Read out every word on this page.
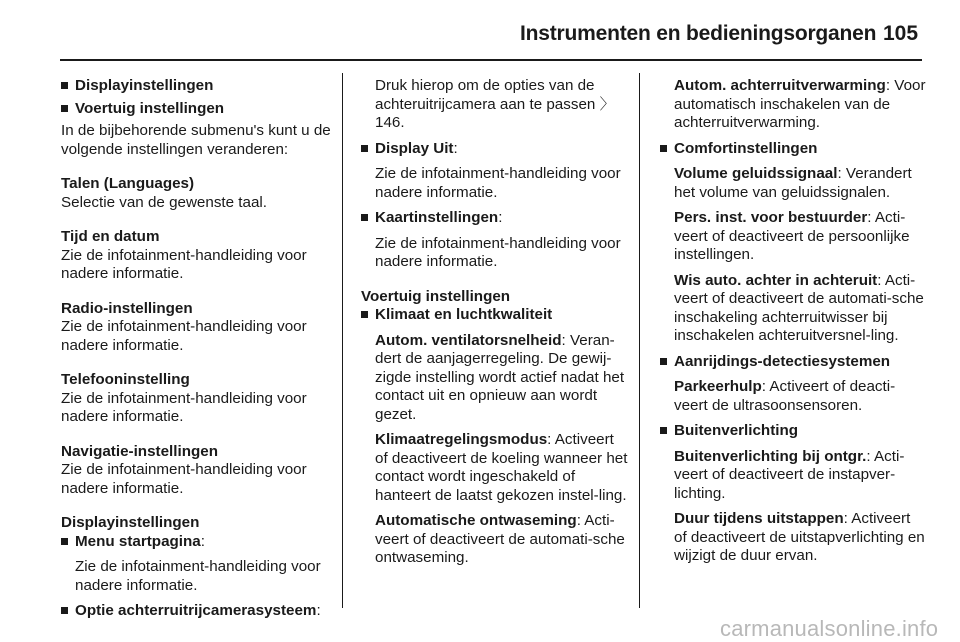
Instrumenten en bedieningsorganen 105

Displayinstellingen

Voertuig instellingen

In de bijbehorende submenu's kunt u de volgende instellingen veranderen:

Talen (Languages)

Selectie van de gewenste taal.

Tijd en datum

Zie de infotainment-handleiding voor nadere informatie.

Radio-instellingen

Zie de infotainment-handleiding voor nadere informatie.

Telefooninstelling

Zie de infotainment-handleiding voor nadere informatie.

Navigatie-instellingen

Zie de infotainment-handleiding voor nadere informatie.

Displayinstellingen

Menu startpagina:

Zie de infotainment-handleiding voor nadere informatie.

Optie achterruitrijcamerasysteem:

Druk hierop om de opties van de achteruitrijcamera aan te passen 〉 146.

Display Uit:

Zie de infotainment-handleiding voor nadere informatie.

Kaartinstellingen:

Zie de infotainment-handleiding voor nadere informatie.

Voertuig instellingen

Klimaat en luchtkwaliteit

Autom. ventilatorsnelheid: Veran-dert de aanjagerregeling. De gewij-zigde instelling wordt actief nadat het contact uit en opnieuw aan wordt gezet.

Klimaatregelingsmodus: Activeert of deactiveert de koeling wanneer het contact wordt ingeschakeld of hanteert de laatst gekozen instel-ling.

Automatische ontwaseming: Acti-veert of deactiveert de automati-sche ontwaseming.

Autom. achterruitverwarming: Voor automatisch inschakelen van de achterruitverwarming.

Comfortinstellingen

Volume geluidssignaal: Verandert het volume van geluidssignalen.

Pers. inst. voor bestuurder: Acti-veert of deactiveert de persoonlijke instellingen.

Wis auto. achter in achteruit: Acti-veert of deactiveert de automati-sche inschakeling achterruitwisser bij inschakelen achteruitversnel-ling.

Aanrijdings-detectiesystemen

Parkeerhulp: Activeert of deacti-veert de ultrasoonsensoren.

Buitenverlichting

Buitenverlichting bij ontgr.: Acti-veert of deactiveert de instapver-lichting.

Duur tijdens uitstappen: Activeert of deactiveert de uitstapverlichting en wijzigt de duur ervan.

carmanualsonline.info
